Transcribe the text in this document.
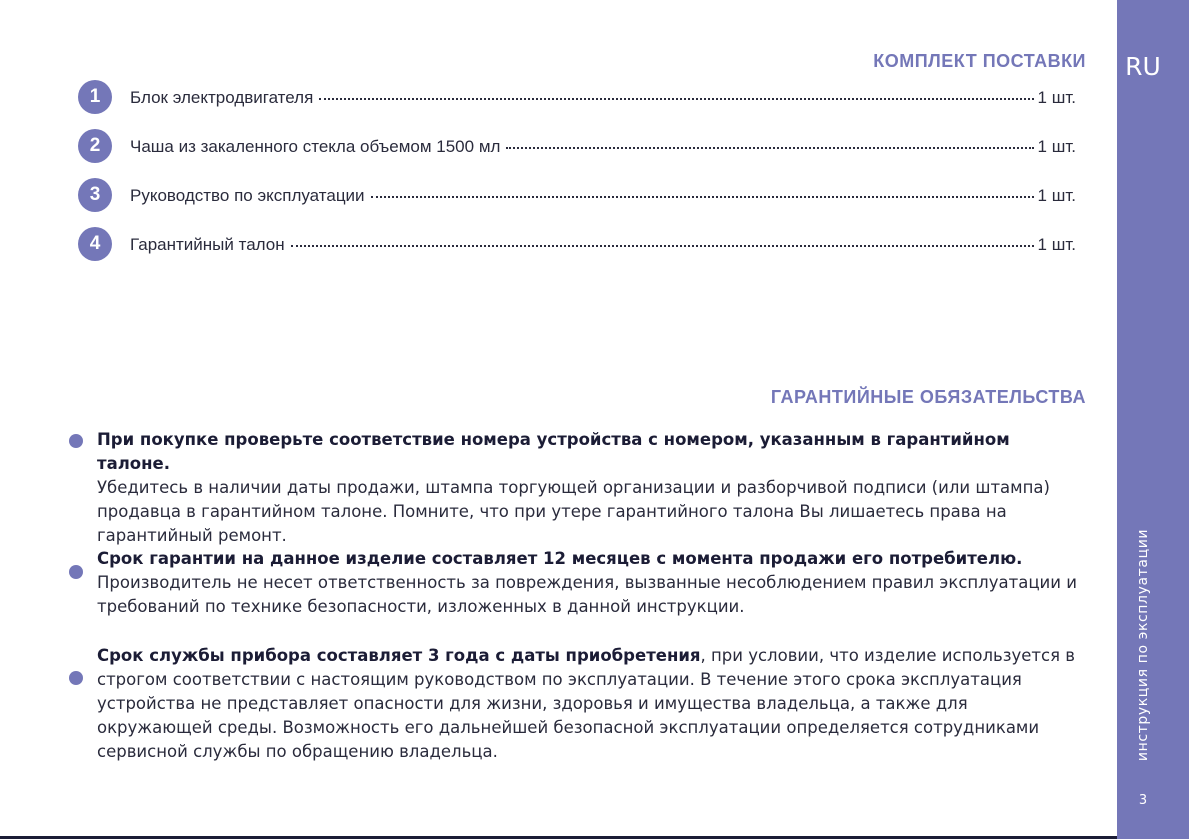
RU
инструкция по эксплуатации
3
КОМПЛЕКТ ПОСТАВКИ
1	Блок электродвигателя	1 шт.
2	Чаша из закаленного стекла объемом 1500 мл	1 шт.
3	Руководство по эксплуатации	1 шт.
4	Гарантийный талон	1 шт.
ГАРАНТИЙНЫЕ ОБЯЗАТЕЛЬСТВА
При покупке проверьте соответствие номера устройства с номером, указанным в гарантийном талоне.
Убедитесь в наличии даты продажи, штампа торгующей организации и разборчивой подписи (или штампа) продавца в гарантийном талоне. Помните, что при утере гарантийного талона Вы лишаетесь права на гарантийный ремонт.
Срок гарантии на данное изделие составляет 12 месяцев с момента продажи его потребителю.
Производитель не несет ответственность за повреждения, вызванные несоблюдением правил эксплуатации и требований по технике безопасности, изложенных в данной инструкции.
Срок службы прибора составляет 3 года с даты приобретения, при условии, что изделие используется в строгом соответствии с настоящим руководством по эксплуатации. В течение этого срока эксплуатация устройства не представляет опасности для жизни, здоровья и имущества владельца, а также для окружающей среды. Возможность его дальнейшей безопасной эксплуатации определяется сотрудниками сервисной службы по обращению владельца.
